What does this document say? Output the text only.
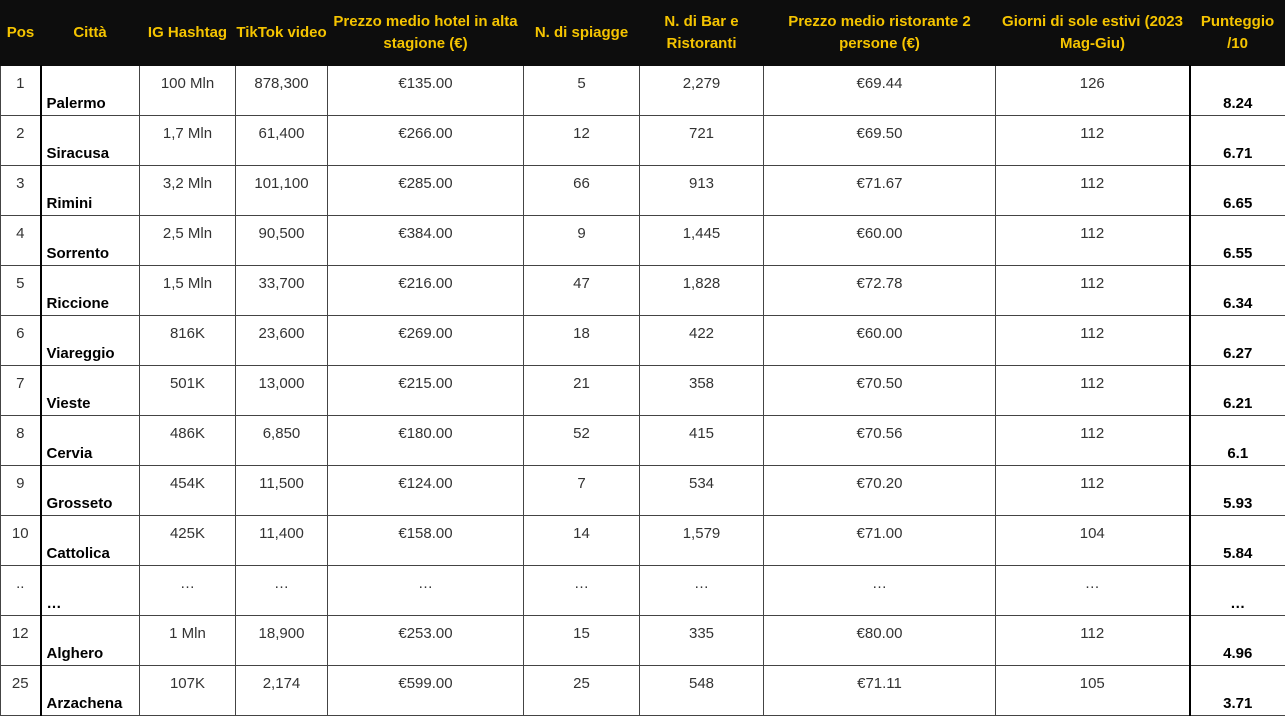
Pos	Città	IG Hashtag	TikTok video	Prezzo medio hotel in alta stagione (€)	N. di spiagge	N. di Bar e Ristoranti	Prezzo medio ristorante 2 persone (€)	Giorni di sole estivi (2023 Mag-Giu)	Punteggio /10
1	Palermo	100 Mln	878,300	€135.00	5	2,279	€69.44	126	8.24
2	Siracusa	1,7 Mln	61,400	€266.00	12	721	€69.50	112	6.71
3	Rimini	3,2 Mln	101,100	€285.00	66	913	€71.67	112	6.65
4	Sorrento	2,5 Mln	90,500	€384.00	9	1,445	€60.00	112	6.55
5	Riccione	1,5 Mln	33,700	€216.00	47	1,828	€72.78	112	6.34
6	Viareggio	816K	23,600	€269.00	18	422	€60.00	112	6.27
7	Vieste	501K	13,000	€215.00	21	358	€70.50	112	6.21
8	Cervia	486K	6,850	€180.00	52	415	€70.56	112	6.1
9	Grosseto	454K	11,500	€124.00	7	534	€70.20	112	5.93
10	Cattolica	425K	11,400	€158.00	14	1,579	€71.00	104	5.84
..	…	…	…	…	…	…	…	…	…
12	Alghero	1 Mln	18,900	€253.00	15	335	€80.00	112	4.96
25	Arzachena	107K	2,174	€599.00	25	548	€71.11	105	3.71
